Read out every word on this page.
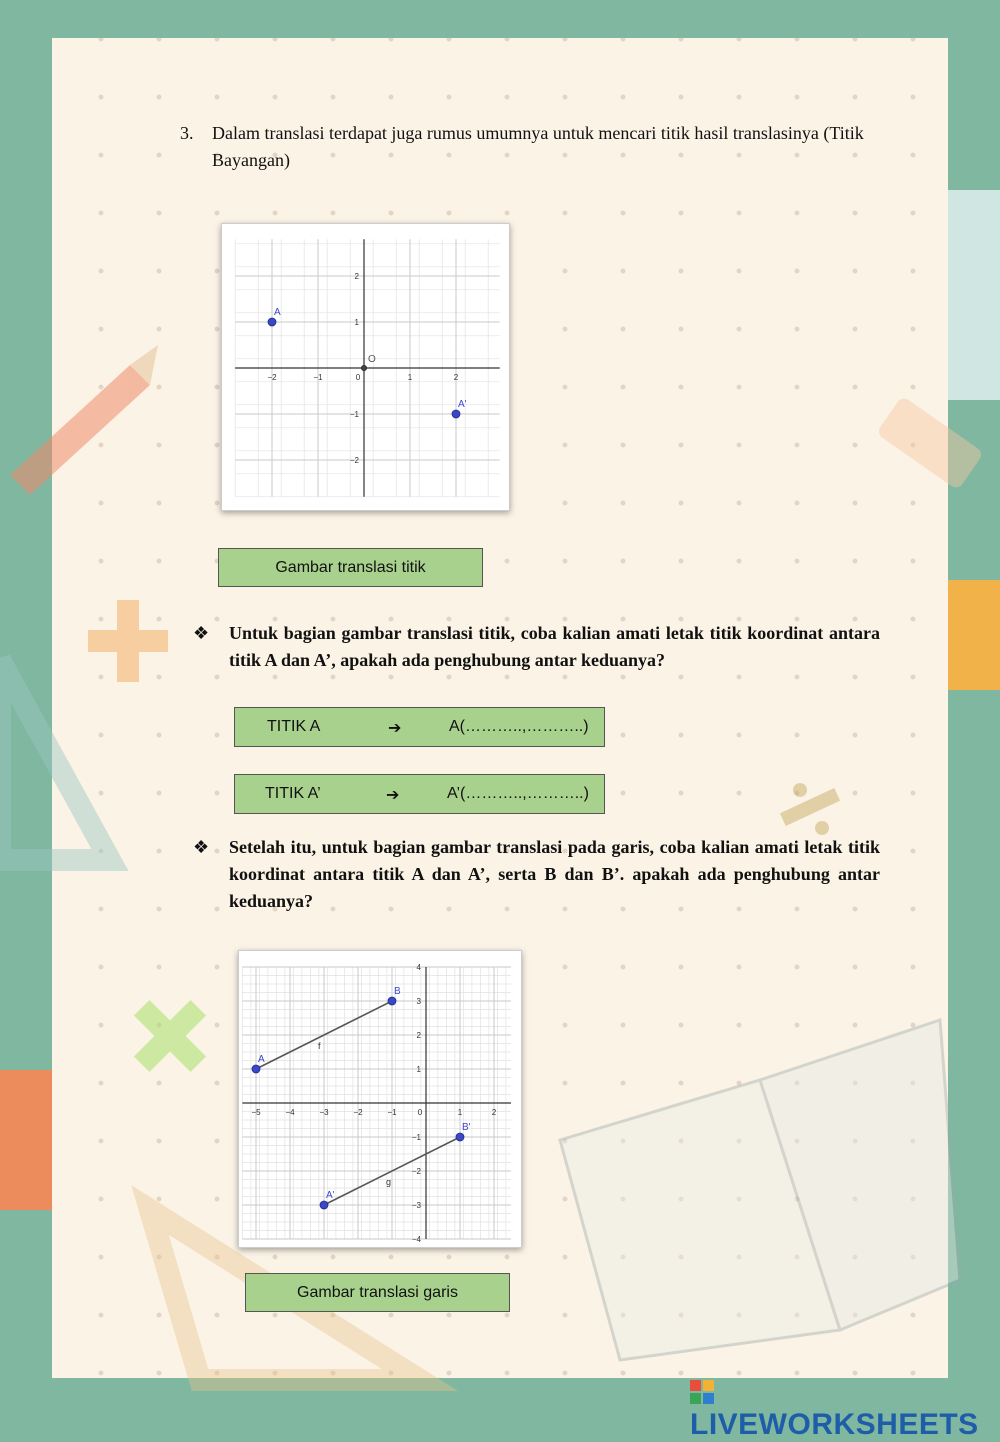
3. Dalam translasi terdapat juga rumus umumnya untuk mencari titik hasil translasinya (Titik Bayangan)
−2	−1	0	1	2
2
1
−1
−2
A
A'
O
Gambar translasi titik
❖ Untuk bagian gambar translasi titik, coba kalian amati letak titik koordinat antara titik A dan A’, apakah ada penghubung antar keduanya?
TITIK A	➔	A(………..,………..)
TITIK A’	➔	A’(………..,………..)
❖ Setelah itu, untuk bagian gambar translasi pada garis, coba kalian amati letak titik koordinat antara titik A dan A’, serta B dan B’. apakah ada penghubung antar keduanya?
−5	−4	−3	−2	−1	0	1	2
4
3
2
1
−1
−2
−3
−4
f
g
A
B
A'
B'
Gambar translasi garis
LIVEWORKSHEETS
